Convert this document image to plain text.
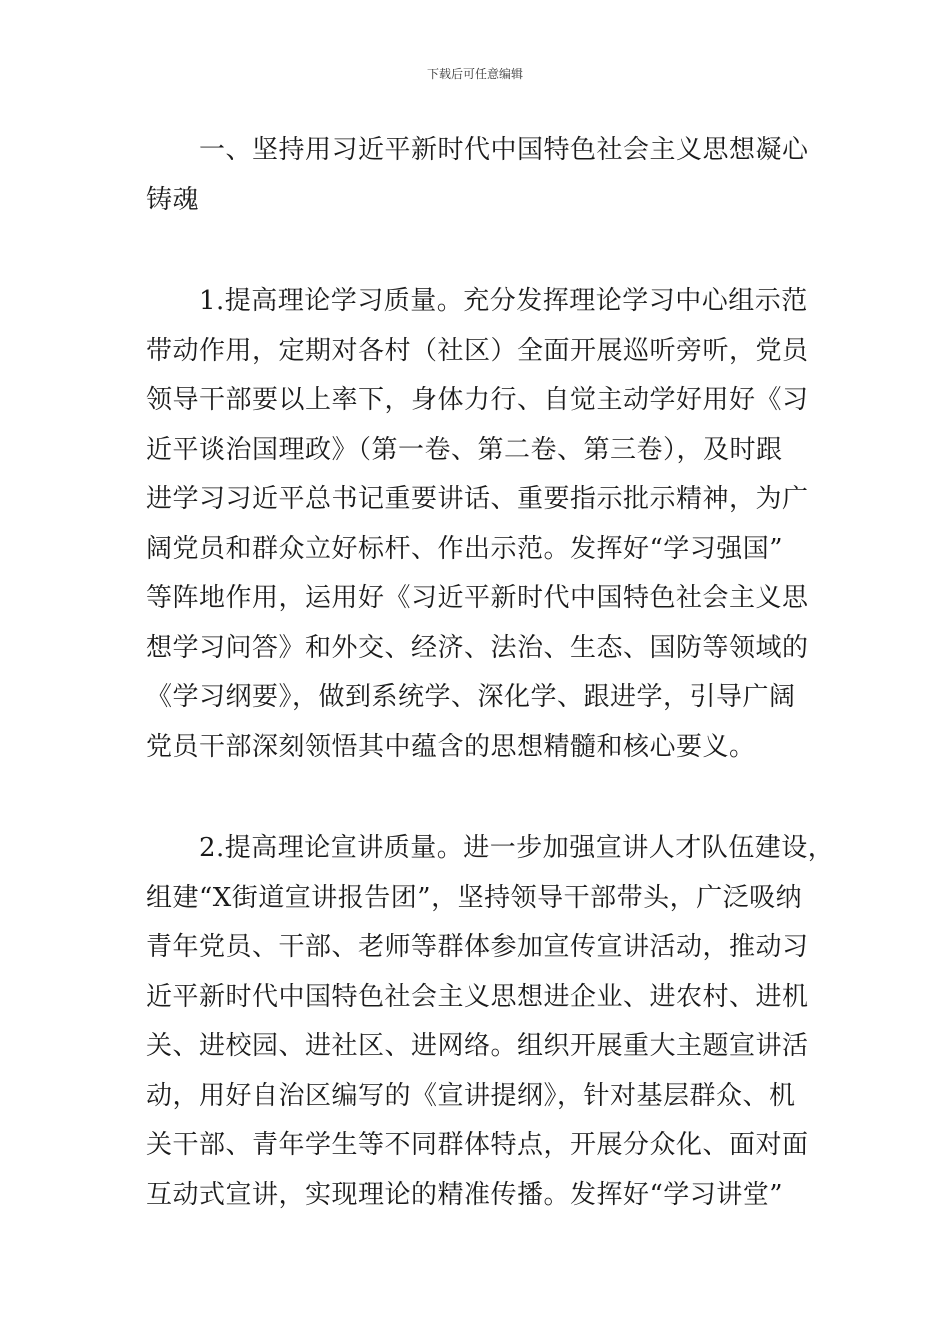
下载后可任意编辑
　　一、坚持用习近平新时代中国特色社会主义思想凝心
铸魂
　　1.提高理论学习质量。充分发挥理论学习中心组示范
带动作用，定期对各村（社区）全面开展巡听旁听，党员
领导干部要以上率下，身体力行、自觉主动学好用好《习
近平谈治国理政》（第一卷、第二卷、第三卷），及时跟
进学习习近平总书记重要讲话、重要指示批示精神，为广
阔党员和群众立好标杆、作出示范。发挥好“学习强国”
等阵地作用，运用好《习近平新时代中国特色社会主义思
想学习问答》和外交、经济、法治、生态、国防等领域的
《学习纲要》，做到系统学、深化学、跟进学，引导广阔
党员干部深刻领悟其中蕴含的思想精髓和核心要义。
　　2.提高理论宣讲质量。进一步加强宣讲人才队伍建设，
组建“X街道宣讲报告团”，坚持领导干部带头，广泛吸纳
青年党员、干部、老师等群体参加宣传宣讲活动，推动习
近平新时代中国特色社会主义思想进企业、进农村、进机
关、进校园、进社区、进网络。组织开展重大主题宣讲活
动，用好自治区编写的《宣讲提纲》，针对基层群众、机
关干部、青年学生等不同群体特点，开展分众化、面对面
互动式宣讲，实现理论的精准传播。发挥好“学习讲堂”
